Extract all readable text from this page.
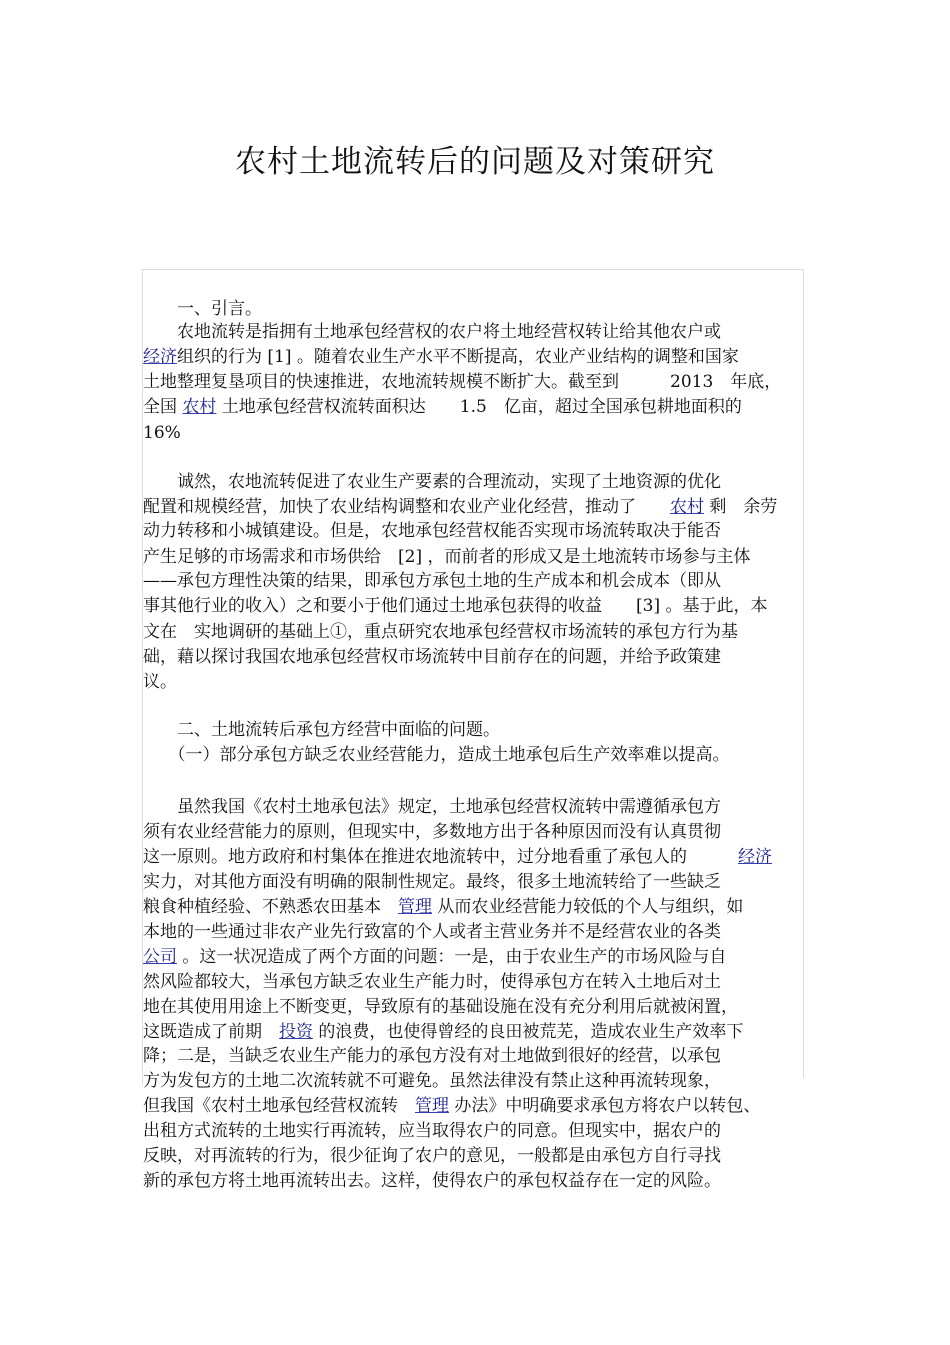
农村土地流转后的问题及对策研究
　　一、引言。
　　农地流转是指拥有土地承包经营权的农户将土地经营权转让给其他农户或
经济组织的行为 [1] 。随着农业生产水平不断提高，农业产业结构的调整和国家
土地整理复垦项目的快速推进，农地流转规模不断扩大。截至到　　　2013　年底，
全国 农村 土地承包经营权流转面积达　　1.5　亿亩，超过全国承包耕地面积的
16%
　　诚然，农地流转促进了农业生产要素的合理流动，实现了土地资源的优化
配置和规模经营，加快了农业结构调整和农业产业化经营，推动了　　农村 剩　余劳
动力转移和小城镇建设。但是，农地承包经营权能否实现市场流转取决于能否
产生足够的市场需求和市场供给　[2] ，而前者的形成又是土地流转市场参与主体
——承包方理性决策的结果，即承包方承包土地的生产成本和机会成本（即从
事其他行业的收入）之和要小于他们通过土地承包获得的收益　　[3] 。基于此，本
文在　实地调研的基础上①，重点研究农地承包经营权市场流转的承包方行为基
础，藉以探讨我国农地承包经营权市场流转中目前存在的问题，并给予政策建
议。
　　二、土地流转后承包方经营中面临的问题。
　　（一）部分承包方缺乏农业经营能力，造成土地承包后生产效率难以提高。
　　虽然我国《农村土地承包法》规定，土地承包经营权流转中需遵循承包方
须有农业经营能力的原则，但现实中，多数地方出于各种原因而没有认真贯彻
这一原则。地方政府和村集体在推进农地流转中，过分地看重了承包人的　　　经济
实力，对其他方面没有明确的限制性规定。最终，很多土地流转给了一些缺乏
粮食种植经验、不熟悉农田基本　管理 从而农业经营能力较低的个人与组织，如
本地的一些通过非农产业先行致富的个人或者主营业务并不是经营农业的各类
公司 。这一状况造成了两个方面的问题：一是，由于农业生产的市场风险与自
然风险都较大，当承包方缺乏农业生产能力时，使得承包方在转入土地后对土
地在其使用用途上不断变更，导致原有的基础设施在没有充分利用后就被闲置，
这既造成了前期　投资 的浪费，也使得曾经的良田被荒芜，造成农业生产效率下
降；二是，当缺乏农业生产能力的承包方没有对土地做到很好的经营，以承包
方为发包方的土地二次流转就不可避免。虽然法律没有禁止这种再流转现象，
但我国《农村土地承包经营权流转　管理 办法》中明确要求承包方将农户以转包、
出租方式流转的土地实行再流转，应当取得农户的同意。但现实中，据农户的
反映，对再流转的行为，很少征询了农户的意见，一般都是由承包方自行寻找
新的承包方将土地再流转出去。这样，使得农户的承包权益存在一定的风险。
